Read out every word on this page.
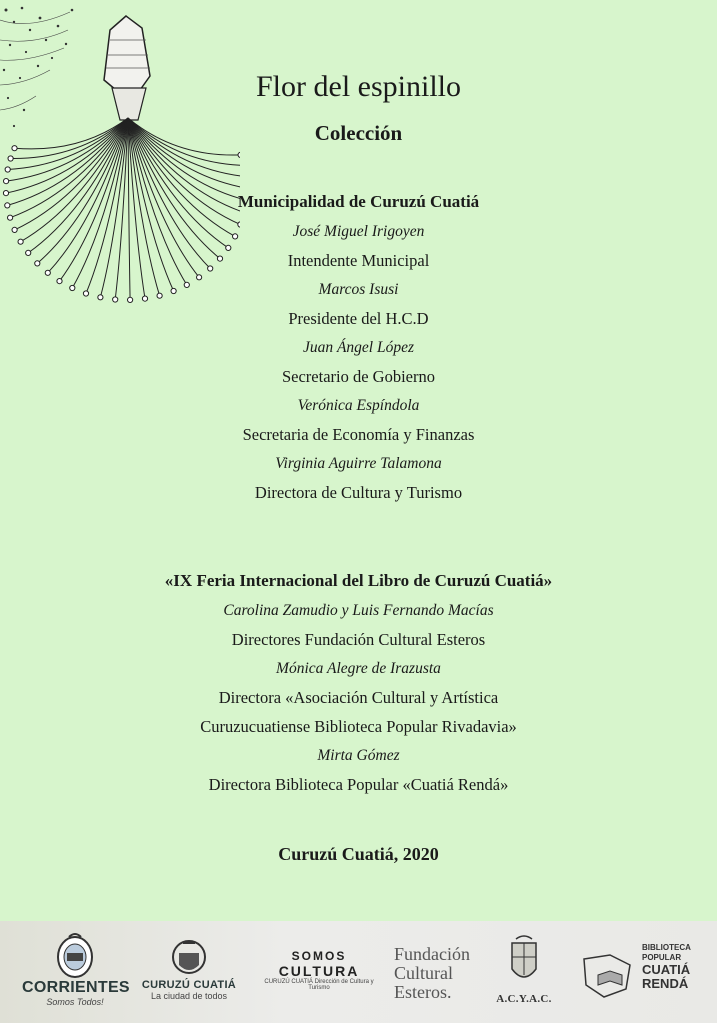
Flor del espinillo
Colección
Municipalidad de Curuzú Cuatiá
José Miguel Irigoyen
Intendente Municipal
Marcos Isusi
Presidente del H.C.D
Juan Ángel López
Secretario de Gobierno
Verónica Espíndola
Secretaria de Economía y Finanzas
Virginia Aguirre Talamona
Directora de Cultura y Turismo
«IX Feria Internacional del Libro de Curuzú Cuatiá»
Carolina Zamudio y Luis Fernando Macías
Directores Fundación Cultural Esteros
Mónica Alegre de Irazusta
Directora «Asociación Cultural y Artística
Curuzucuatiense Biblioteca Popular Rivadavia»
Mirta Gómez
Directora Biblioteca Popular «Cuatiá Rendá»
Curuzú Cuatiá, 2020
CORRIENTES
Somos Todos!
CURUZÚ CUATIÁ
La ciudad de todos
SOMOS
CULTURA
CURUZÚ CUATIÁ Dirección de Cultura y Turismo
Fundación
Cultural
Esteros.	A.C.Y.A.C.
BIBLIOTECA
POPULAR
CUATIÁ
RENDÁ
